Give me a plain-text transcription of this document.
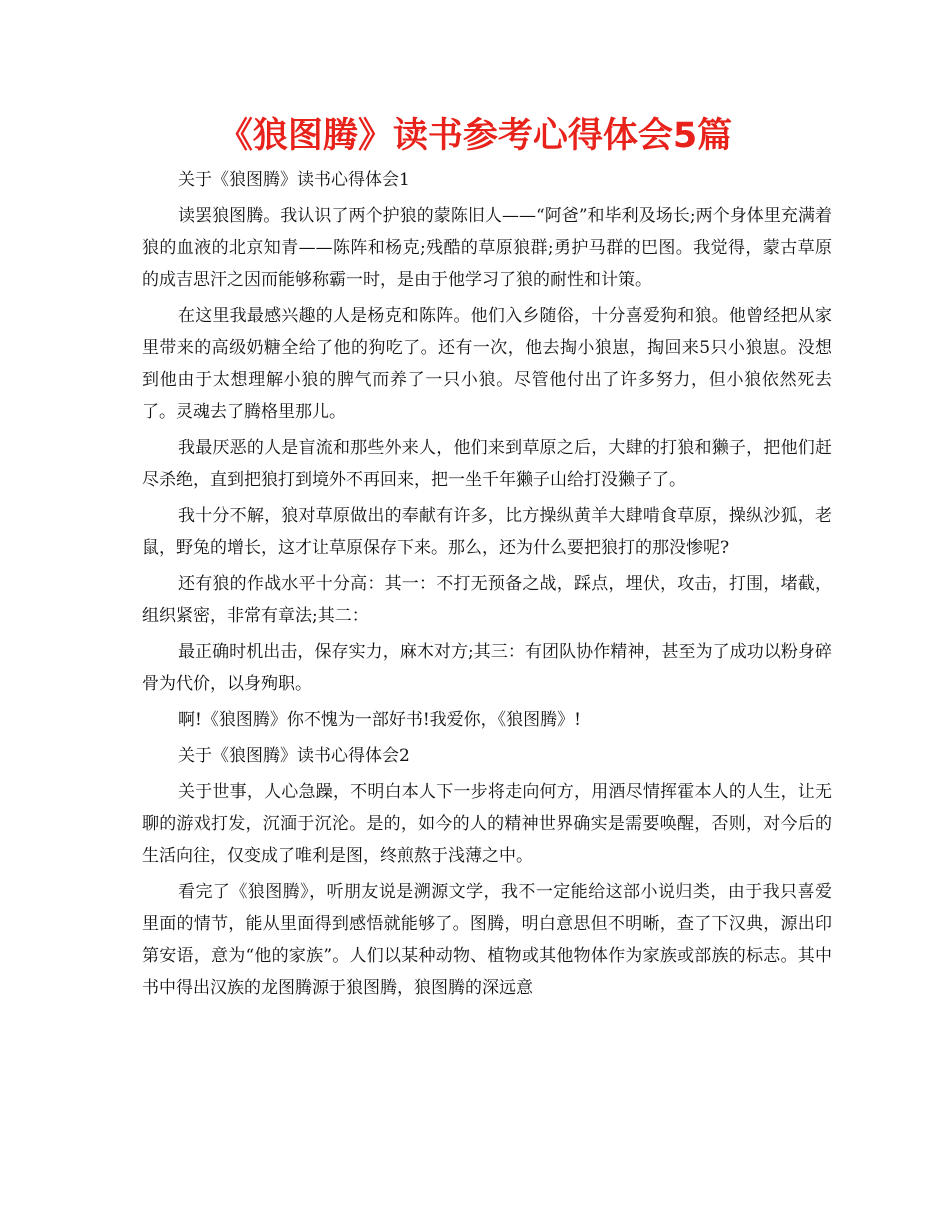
《狼图腾》读书参考心得体会5篇

关于《狼图腾》读书心得体会1

读罢狼图腾。我认识了两个护狼的蒙陈旧人——“阿爸”和毕利及场长;两个身体里充满着狼的血液的北京知青——陈阵和杨克;残酷的草原狼群;勇护马群的巴图。我觉得，蒙古草原的成吉思汗之因而能够称霸一时，是由于他学习了狼的耐性和计策。

在这里我最感兴趣的人是杨克和陈阵。他们入乡随俗，十分喜爱狗和狼。他曾经把从家里带来的高级奶糖全给了他的狗吃了。还有一次，他去掏小狼崽，掏回来5只小狼崽。没想到他由于太想理解小狼的脾气而养了一只小狼。尽管他付出了许多努力，但小狼依然死去了。灵魂去了腾格里那儿。

我最厌恶的人是盲流和那些外来人，他们来到草原之后，大肆的打狼和獭子，把他们赶尽杀绝，直到把狼打到境外不再回来，把一坐千年獭子山给打没獭子了。

我十分不解，狼对草原做出的奉献有许多，比方操纵黄羊大肆啃食草原，操纵沙狐，老鼠，野兔的增长，这才让草原保存下来。那么，还为什么要把狼打的那没惨呢?

还有狼的作战水平十分高：其一：不打无预备之战，踩点，埋伏，攻击，打围，堵截，组织紧密，非常有章法;其二：

最正确时机出击，保存实力，麻木对方;其三：有团队协作精神，甚至为了成功以粉身碎骨为代价，以身殉职。

啊!《狼图腾》你不愧为一部好书!我爱你，《狼图腾》!

关于《狼图腾》读书心得体会2

关于世事，人心急躁，不明白本人下一步将走向何方，用酒尽情挥霍本人的人生，让无聊的游戏打发，沉湎于沉沦。是的，如今的人的精神世界确实是需要唤醒，否则，对今后的生活向往，仅变成了唯利是图，终煎熬于浅薄之中。

看完了《狼图腾》，听朋友说是溯源文学，我不一定能给这部小说归类，由于我只喜爱里面的情节，能从里面得到感悟就能够了。图腾，明白意思但不明晰，查了下汉典，源出印第安语，意为“他的家族”。人们以某种动物、植物或其他物体作为家族或部族的标志。其中书中得出汉族的龙图腾源于狼图腾，狼图腾的深远意
